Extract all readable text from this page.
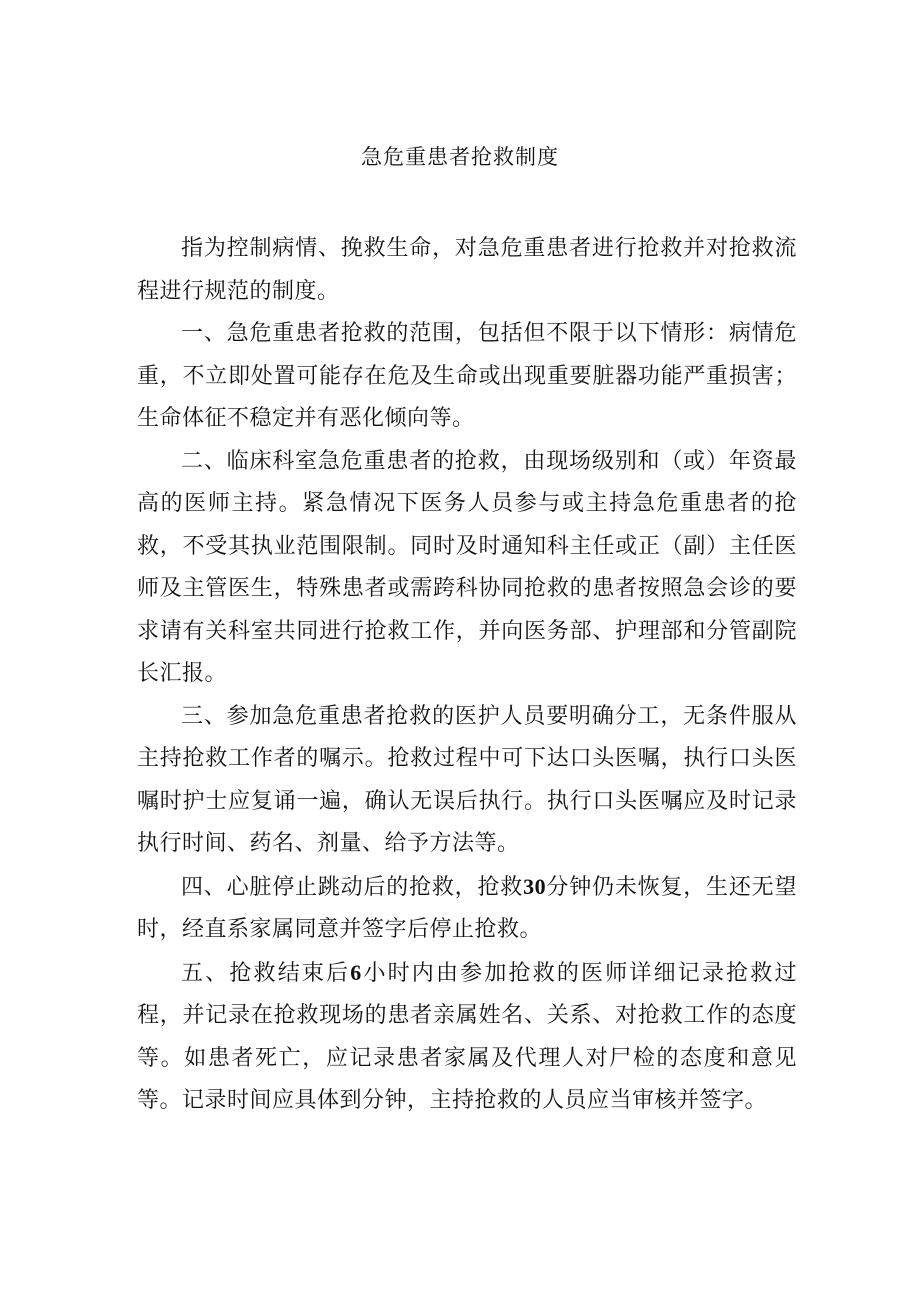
急危重患者抢救制度

指为控制病情、挽救生命，对急危重患者进行抢救并对抢救流程进行规范的制度。

一、急危重患者抢救的范围，包括但不限于以下情形：病情危重，不立即处置可能存在危及生命或出现重要脏器功能严重损害；生命体征不稳定并有恶化倾向等。

二、临床科室急危重患者的抢救，由现场级别和（或）年资最高的医师主持。紧急情况下医务人员参与或主持急危重患者的抢救，不受其执业范围限制。同时及时通知科主任或正（副）主任医师及主管医生，特殊患者或需跨科协同抢救的患者按照急会诊的要求请有关科室共同进行抢救工作，并向医务部、护理部和分管副院长汇报。

三、参加急危重患者抢救的医护人员要明确分工，无条件服从主持抢救工作者的嘱示。抢救过程中可下达口头医嘱，执行口头医嘱时护士应复诵一遍，确认无误后执行。执行口头医嘱应及时记录执行时间、药名、剂量、给予方法等。

四、心脏停止跳动后的抢救，抢救30分钟仍未恢复，生还无望时，经直系家属同意并签字后停止抢救。

五、抢救结束后6小时内由参加抢救的医师详细记录抢救过程，并记录在抢救现场的患者亲属姓名、关系、对抢救工作的态度等。如患者死亡，应记录患者家属及代理人对尸检的态度和意见等。记录时间应具体到分钟，主持抢救的人员应当审核并签字。
